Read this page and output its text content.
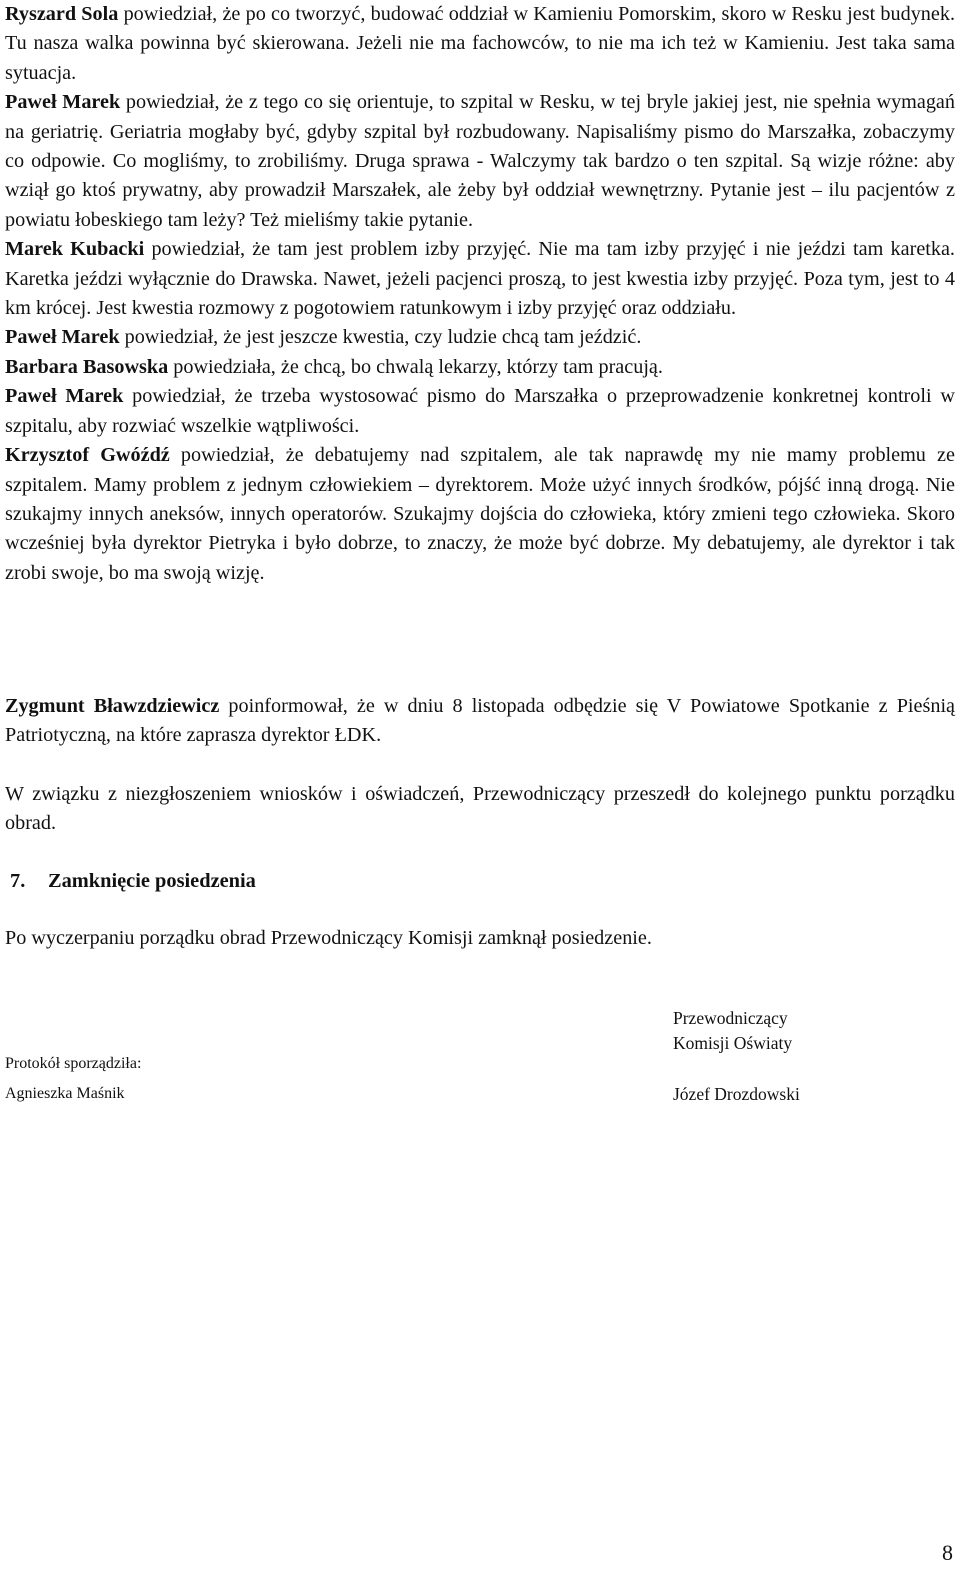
Ryszard Sola powiedział, że po co tworzyć, budować oddział w Kamieniu Pomorskim, skoro w Resku jest budynek. Tu nasza walka powinna być skierowana. Jeżeli nie ma fachowców, to nie ma ich też w Kamieniu. Jest taka sama sytuacja.

Paweł Marek powiedział, że z tego co się orientuje, to szpital w Resku, w tej bryle jakiej jest, nie spełnia wymagań na geriatrię. Geriatria mogłaby być, gdyby szpital był rozbudowany. Napisaliśmy pismo do Marszałka, zobaczymy co odpowie. Co mogliśmy, to zrobiliśmy. Druga sprawa - Walczymy tak bardzo o ten szpital. Są wizje różne: aby wziął go ktoś prywatny, aby prowadził Marszałek, ale żeby był oddział wewnętrzny. Pytanie jest – ilu pacjentów z powiatu łobeskiego tam leży? Też mieliśmy takie pytanie.

Marek Kubacki powiedział, że tam jest problem izby przyjęć. Nie ma tam izby przyjęć i nie jeździ tam karetka. Karetka jeździ wyłącznie do Drawska. Nawet, jeżeli pacjenci proszą, to jest kwestia izby przyjęć. Poza tym, jest to 4 km krócej. Jest kwestia rozmowy z pogotowiem ratunkowym i izby przyjęć oraz oddziału.

Paweł Marek powiedział, że jest jeszcze kwestia, czy ludzie chcą tam jeździć.

Barbara Basowska powiedziała, że chcą, bo chwalą lekarzy, którzy tam pracują.

Paweł Marek powiedział, że trzeba wystosować pismo do Marszałka o przeprowadzenie konkretnej kontroli w szpitalu, aby rozwiać wszelkie wątpliwości.

Krzysztof Gwóźdź powiedział, że debatujemy nad szpitalem, ale tak naprawdę my nie mamy problemu ze szpitalem. Mamy problem z jednym człowiekiem – dyrektorem. Może użyć innych środków, pójść inną drogą. Nie szukajmy innych aneksów, innych operatorów. Szukajmy dojścia do człowieka, który zmieni tego człowieka. Skoro wcześniej była dyrektor Pietryka i było dobrze, to znaczy, że może być dobrze. My debatujemy, ale dyrektor i tak zrobi swoje, bo ma swoją wizję.

Zygmunt Bławzdziewicz poinformował, że w dniu 8 listopada odbędzie się V Powiatowe Spotkanie z Pieśnią Patriotyczną, na które zaprasza dyrektor ŁDK.

W związku z niezgłoszeniem wniosków i oświadczeń, Przewodniczący przeszedł do kolejnego punktu porządku obrad.

7. Zamknięcie posiedzenia

Po wyczerpaniu porządku obrad Przewodniczący Komisji zamknął posiedzenie.

Protokół sporządziła:
Agnieszka Maśnik
Przewodniczący
Komisji Oświaty
Józef Drozdowski
8
